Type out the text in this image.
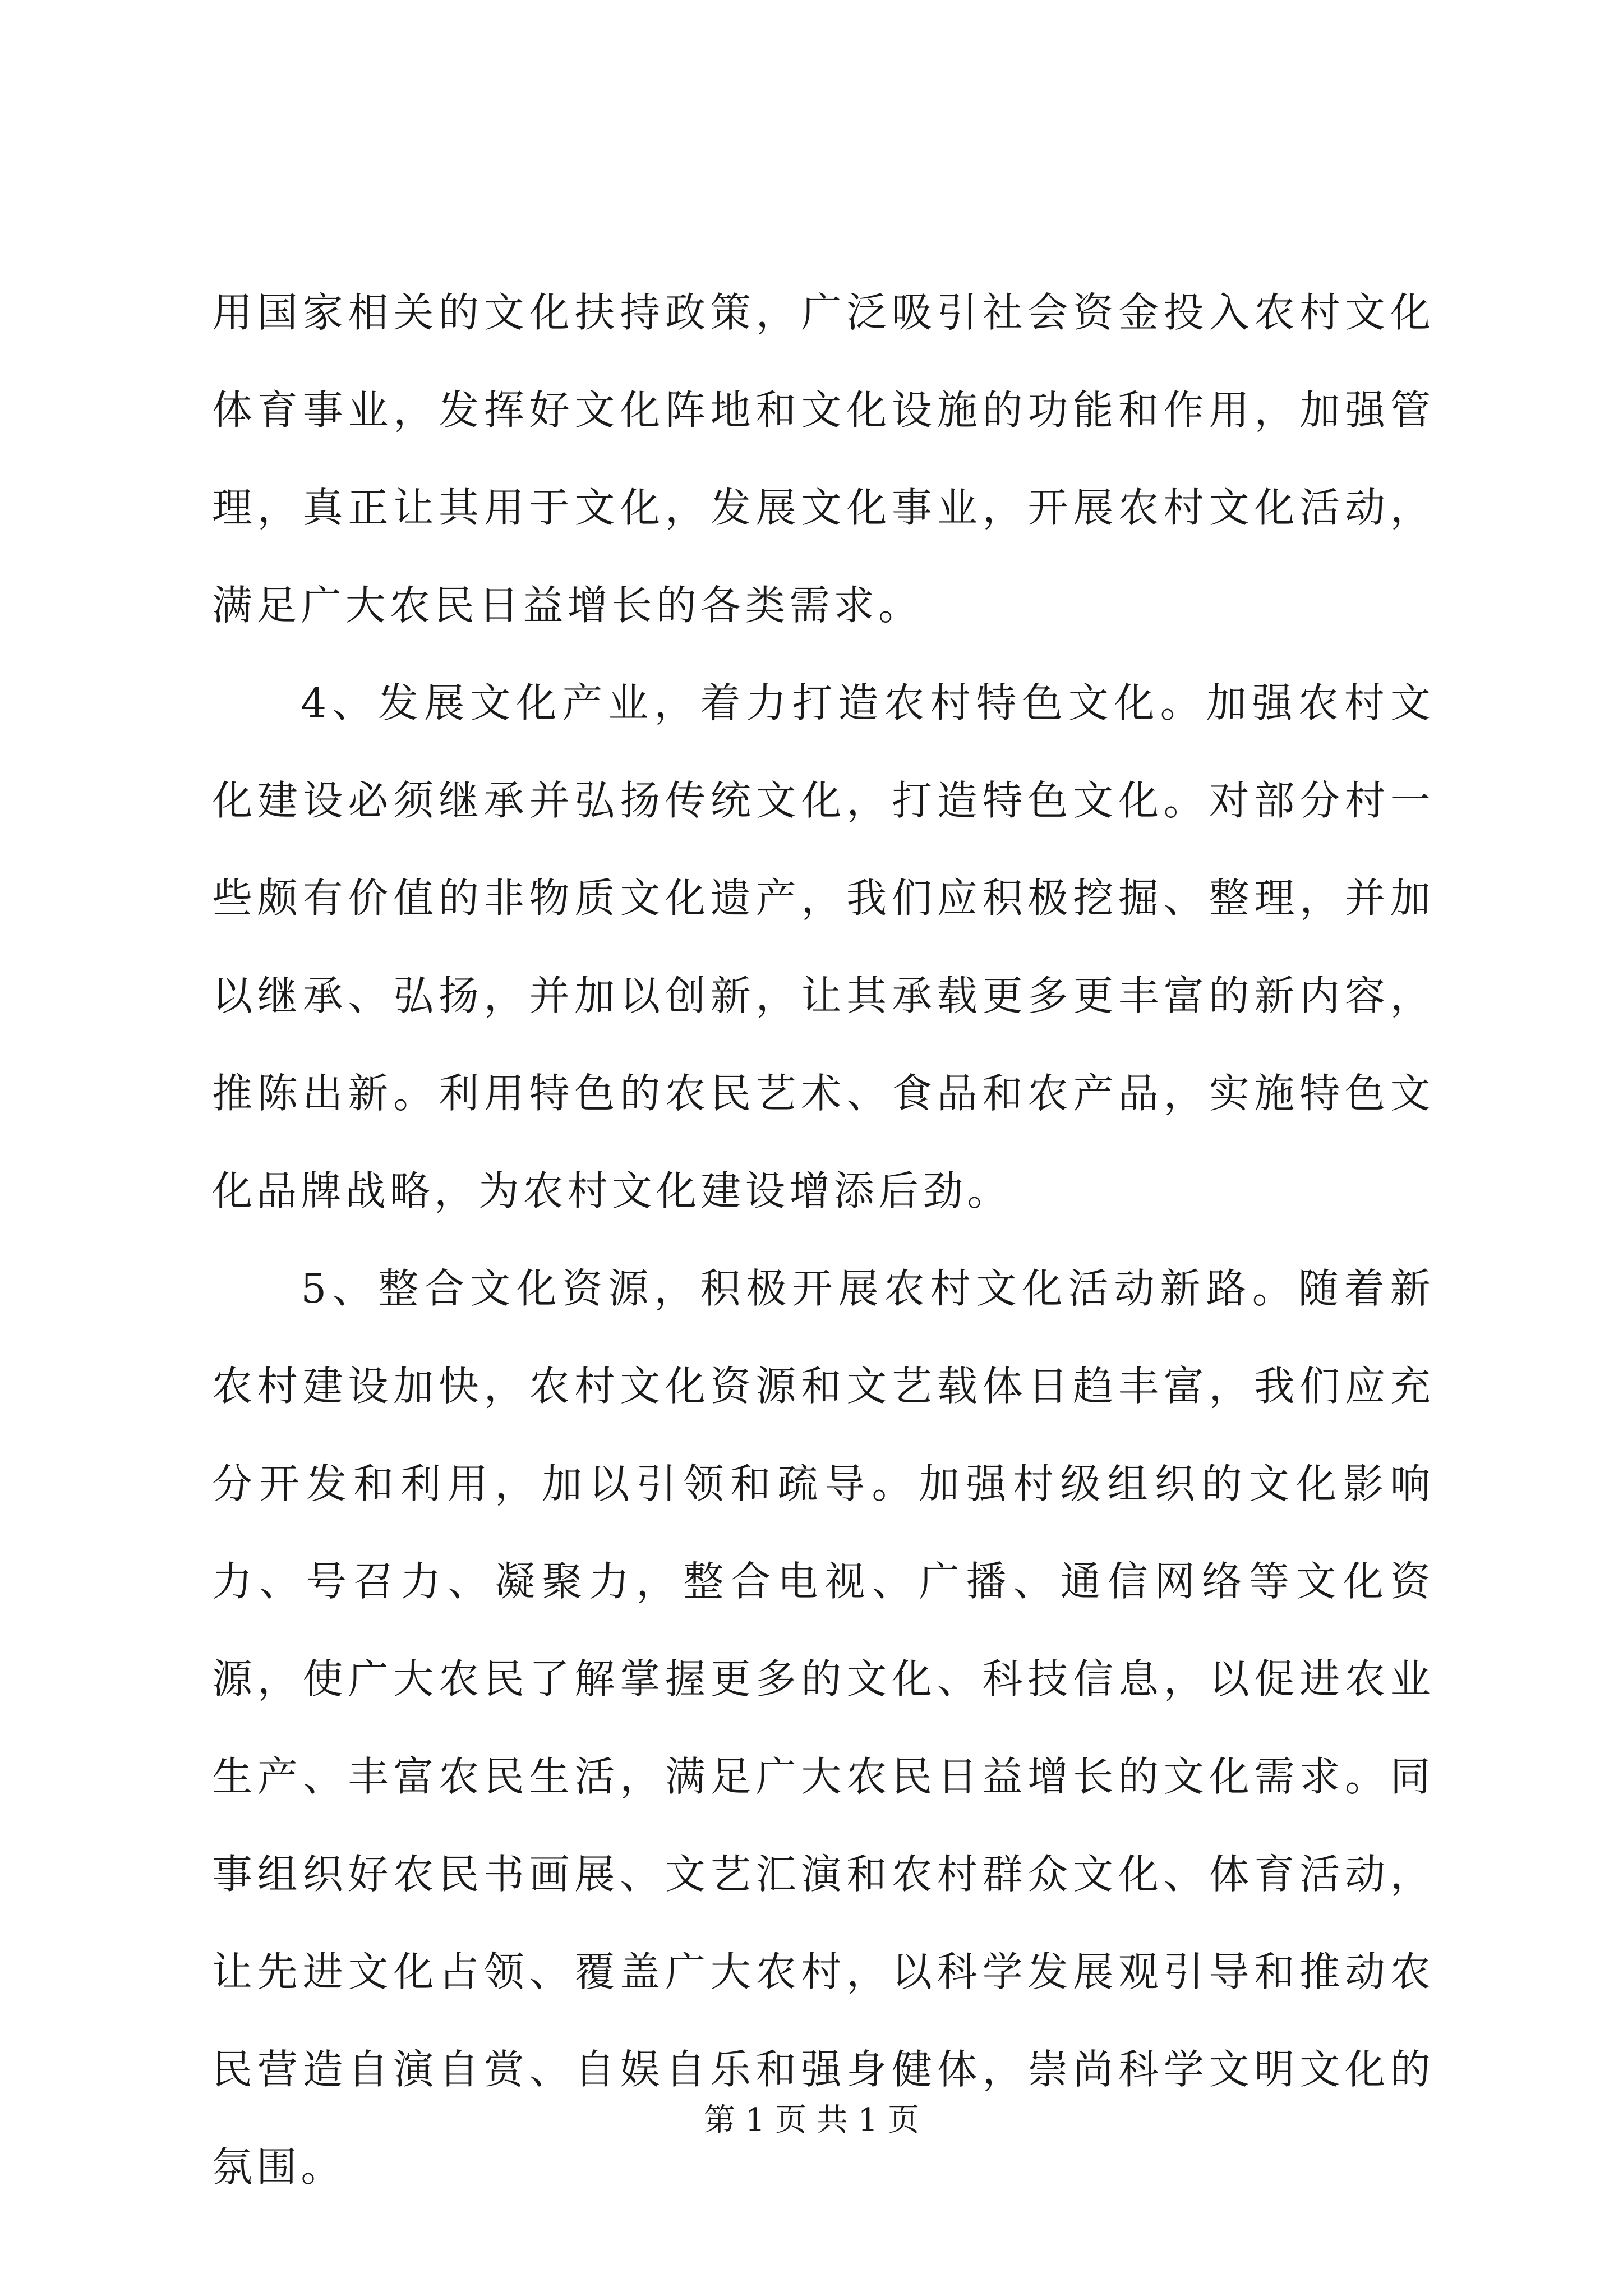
用国家相关的文化扶持政策，广泛吸引社会资金投入农村文化体育事业，发挥好文化阵地和文化设施的功能和作用，加强管理，真正让其用于文化，发展文化事业，开展农村文化活动，满足广大农民日益增长的各类需求。

4、发展文化产业，着力打造农村特色文化。加强农村文化建设必须继承并弘扬传统文化，打造特色文化。对部分村一些颇有价值的非物质文化遗产，我们应积极挖掘、整理，并加以继承、弘扬，并加以创新，让其承载更多更丰富的新内容，推陈出新。利用特色的农民艺术、食品和农产品，实施特色文化品牌战略，为农村文化建设增添后劲。

5、整合文化资源，积极开展农村文化活动新路。随着新农村建设加快，农村文化资源和文艺载体日趋丰富，我们应充分开发和利用，加以引领和疏导。加强村级组织的文化影响力、号召力、凝聚力，整合电视、广播、通信网络等文化资源，使广大农民了解掌握更多的文化、科技信息，以促进农业生产、丰富农民生活，满足广大农民日益增长的文化需求。同事组织好农民书画展、文艺汇演和农村群众文化、体育活动，让先进文化占领、覆盖广大农村，以科学发展观引导和推动农民营造自演自赏、自娱自乐和强身健体，崇尚科学文明文化的氛围。

第 1 页 共 1 页
